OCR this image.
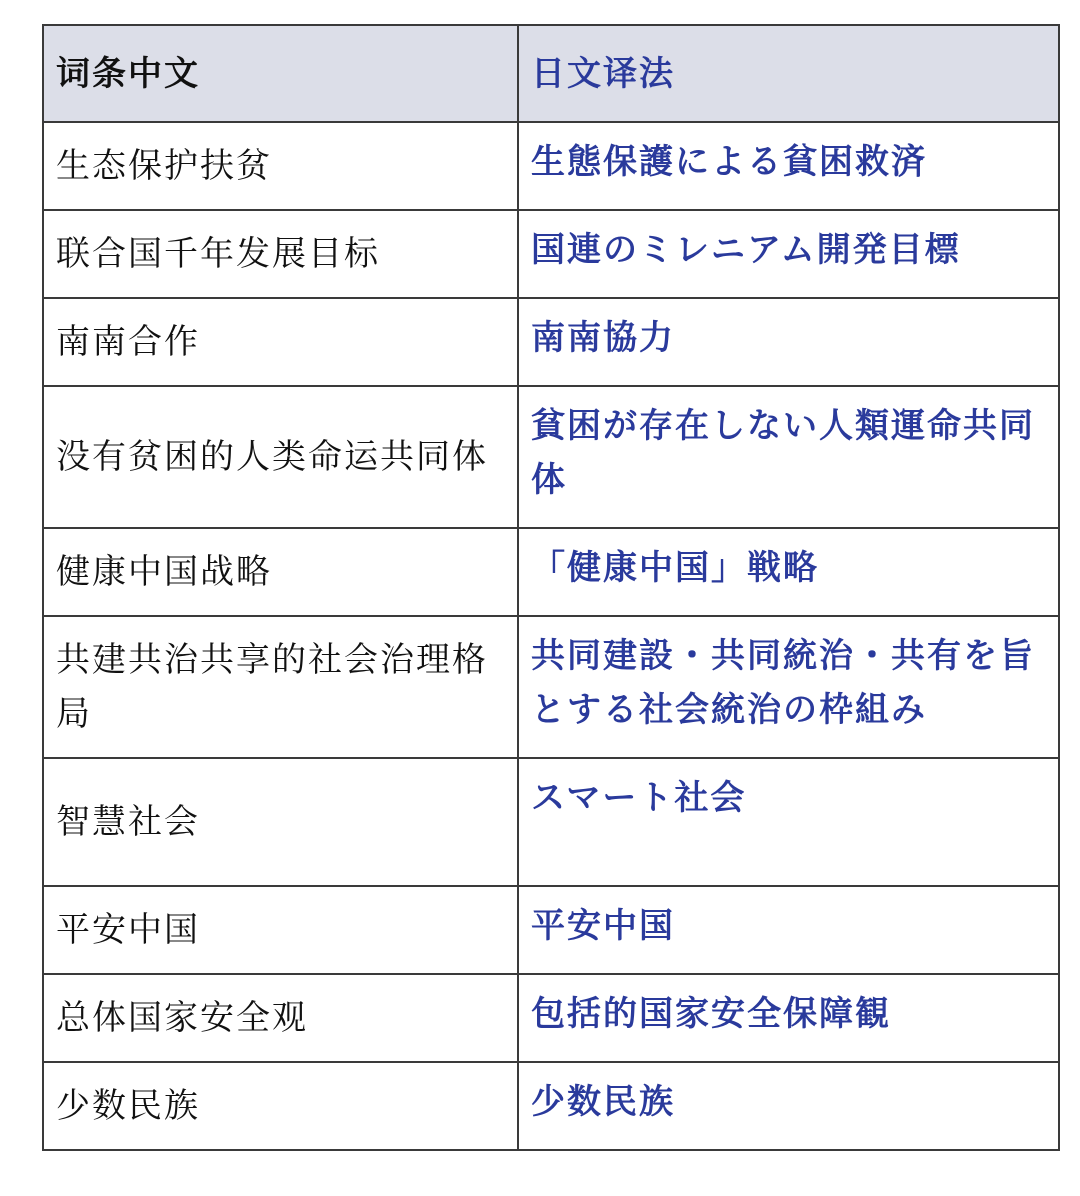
词条中文	日文译法
生态保护扶贫	生態保護による貧困救済
联合国千年发展目标	国連のミレニアム開発目標
南南合作	南南協力
没有贫困的人类命运共同体	貧困が存在しない人類運命共同体
健康中国战略	「健康中国」戦略
共建共治共享的社会治理格局	共同建設・共同統治・共有を旨とする社会統治の枠組み
智慧社会	スマート社会
平安中国	平安中国
总体国家安全观	包括的国家安全保障観
少数民族	少数民族
